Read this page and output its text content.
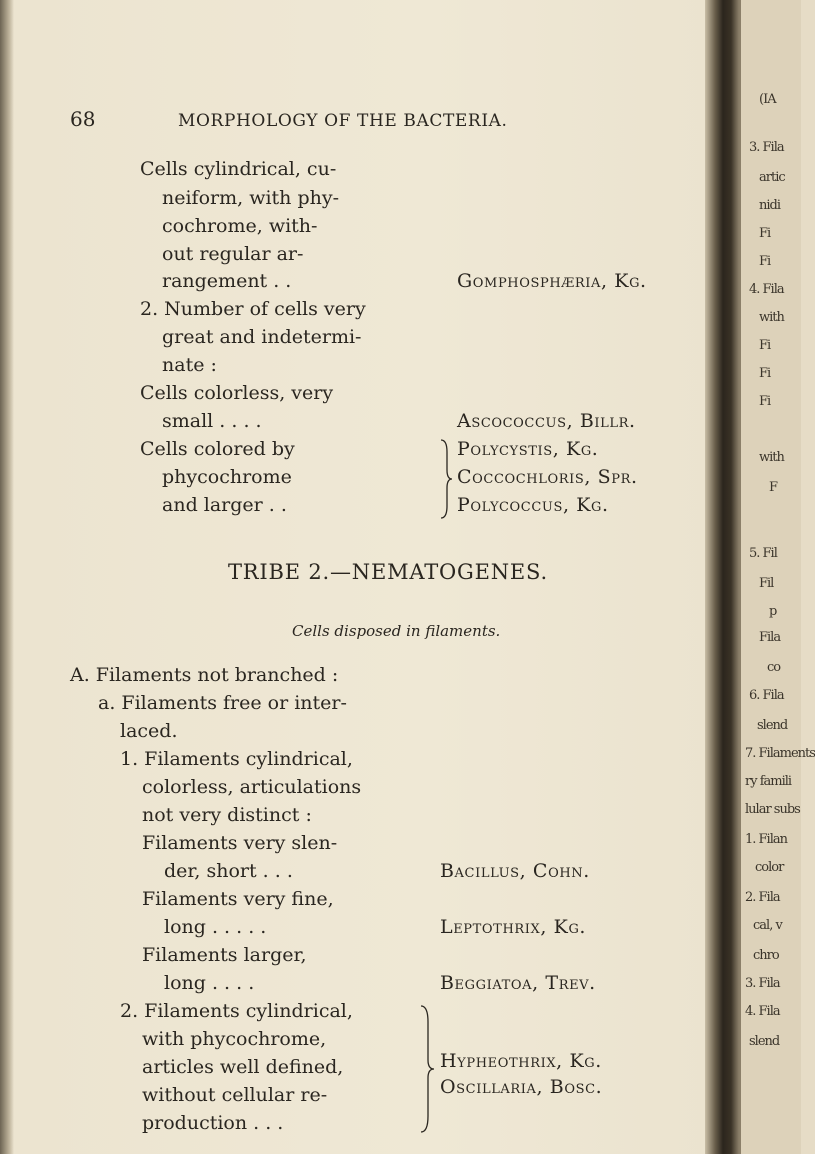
68	MORPHOLOGY OF THE BACTERIA.
Cells cylindrical, cu-
neiform, with phy-
cochrome, with-
out regular ar-
rangement . .	Gomphosphæria, Kg.
2. Number of cells very
great and indetermi-
nate :
Cells colorless, very
small . . . .	Ascococcus, Billr.
Cells colored by
phycochrome
and larger . .
Polycystis, Kg.
Coccochloris, Spr.
Polycoccus, Kg.
TRIBE 2.—NEMATOGENES.
Cells disposed in filaments.
A. Filaments not branched :
a. Filaments free or inter-
laced.
1. Filaments cylindrical,
colorless, articulations
not very distinct :
Filaments very slen-
der, short . . .	Bacillus, Cohn.
Filaments very fine,
long . . . . .	Leptothrix, Kg.
Filaments larger,
long . . . .	Beggiatoa, Trev.
2. Filaments cylindrical,
with phycochrome,
articles well defined,
without cellular re-
production . . .
Hypheothrix, Kg.
Oscillaria, Bosc.
(IA
3. Fila
artic
nidi
Fi
Fi
4. Fila
with
Fi
Fi
Fi
with
F
5. Fil
Fil
p
Fila
co
6. Fila
slend
7. Filaments
ry famili
lular subs
1. Filan
color
2. Fila
cal, v
chro
3. Fila
4. Fila
slend
